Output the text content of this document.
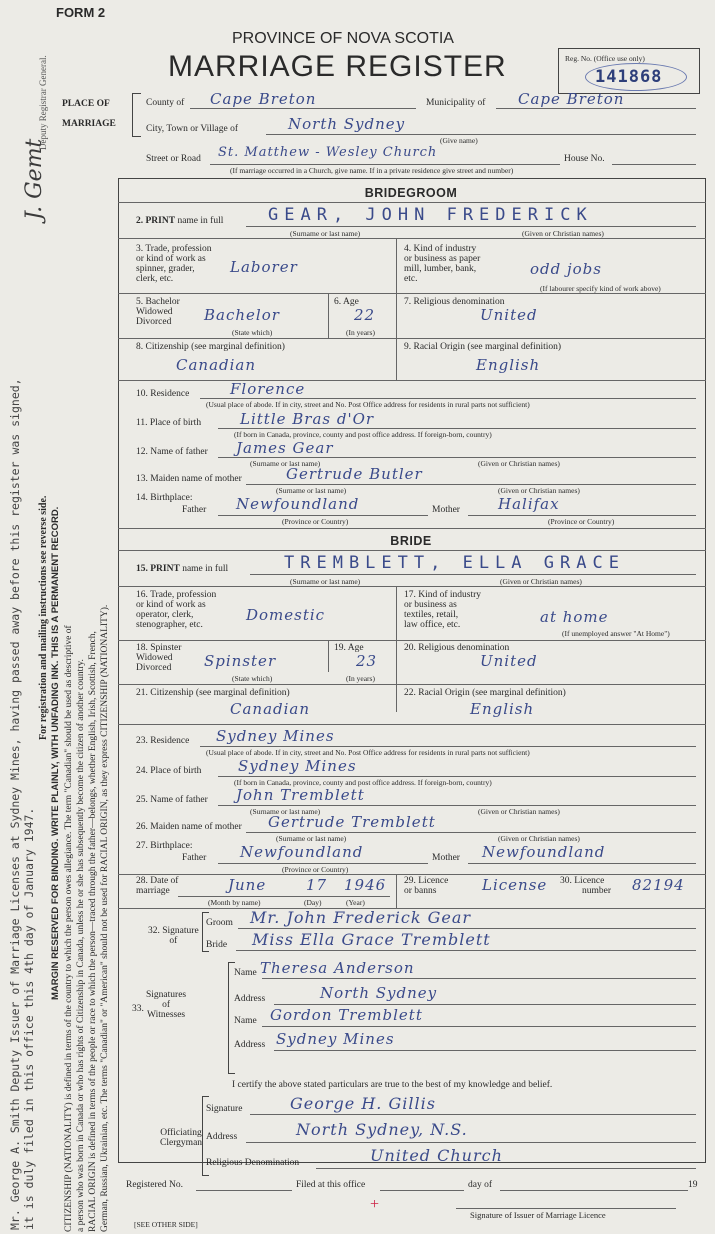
Mr. George A. Smith Deputy Issuer of Marriage Licenses at Sydney Mines, having passed away before this register was signed, it is duly filed in this office this 4th day of January 1947.
J. Gemt
Deputy Registrar General.
For registration and mailing instructions see reverse side. MARGIN RESERVED FOR BINDING. WRITE PLAINLY, WITH UNFADING INK. THIS IS A PERMANENT RECORD. CITIZENSHIP (NATIONALITY) is defined in terms of the country to which the person owes allegiance. The term "Canadian" should be used as descriptive of a person who was born in Canada or who has rights of Citizenship in Canada, unless he or she has subsequently become the citizen of another country. RACIAL ORIGIN is defined in terms of the people or race to which the person—traced through the father—belongs, whether English, Irish, Scottish, French, German, Russian, Ukrainian, etc. The terms "Canadian" or "American" should not be used for RACIAL ORIGIN, as they express CITIZENSHIP (NATIONALITY).
FORM 2
PROVINCE OF NOVA SCOTIA
MARRIAGE REGISTER	Reg. No. (Office use only)
141868
PLACE OF
MARRIAGE
County of Cape Breton	Municipality of Cape Breton
City, Town or Village of	North Sydney
(Give name)
Street or Road St. Matthew - Wesley Church	House No.
(If marriage occurred in a Church, give name. If in a private residence give street and number)
BRIDEGROOM
2. PRINT name in full	GEAR, JOHN FREDERICK
(Surname or last name)	(Given or Christian names)
3. Trade, profession
or kind of work as
spinner, grader,
clerk, etc.
Laborer
4. Kind of industry
or business as paper
mill, lumber, bank,
etc.
odd jobs
(If labourer specify kind of work above)
5. Bachelor
Widowed
Divorced	Bachelor
(State which)
6. Age
22
(In years)
7. Religious denomination
United
8. Citizenship (see marginal definition)
Canadian
9. Racial Origin (see marginal definition)
English
10. Residence	Florence
(Usual place of abode. If in city, street and No. Post Office address for residents in rural parts not sufficient)
11. Place of birth	Little Bras d'Or
(If born in Canada, province, county and post office address. If foreign-born, country)
12. Name of father James Gear
(Surname or last name)	(Given or Christian names)
13. Maiden name of mother	Gertrude Butler
(Surname or last name)	(Given or Christian names)
14. Birthplace:
Father Newfoundland
(Province or Country)
Mother	Halifax
(Province or Country)
BRIDE
15. PRINT name in full	TREMBLETT, ELLA GRACE
(Surname or last name)	(Given or Christian names)
16. Trade, profession
or kind of work as
operator, clerk,
stenographer, etc.
Domestic
17. Kind of industry
or business as
textiles, retail,
law office, etc.	at home
(If unemployed answer "At Home")
18. Spinster
Widowed
Divorced	Spinster
(State which)
19. Age
23
(In years)
20. Religious denomination
United
21. Citizenship (see marginal definition)
Canadian
22. Racial Origin (see marginal definition)
English
23. Residence Sydney Mines
(Usual place of abode. If in city, street and No. Post Office address for residents in rural parts not sufficient)
24. Place of birth Sydney Mines
(If born in Canada, province, county and post office address. If foreign-born, country)
25. Name of father John Tremblett
(Surname or last name)	(Given or Christian names)
26. Maiden name of mother Gertrude Tremblett
(Surname or last name)	(Given or Christian names)
27. Birthplace:
Father Newfoundland
(Province or Country)
Mother Newfoundland
28. Date of
marriage	June	17 1946
(Month by name)	(Day)	(Year)
29. Licence
or banns	License 30. Licence
number 82194
32. Signature
of
Groom Mr. John Frederick Gear
Bride Miss Ella Grace Tremblett
33.
Signatures
of
Witnesses
Name Theresa Anderson
Address	North Sydney
Name Gordon Tremblett
Address Sydney Mines
I certify the above stated particulars are true to the best of my knowledge and belief.
Officiating
Clergyman
Signature	George H. Gillis
Address	North Sydney, N.S.
Religious Denomination	United Church
Registered No.	Filed at this office	day of	19
+
Signature of Issuer of Marriage Licence
[SEE OTHER SIDE]
